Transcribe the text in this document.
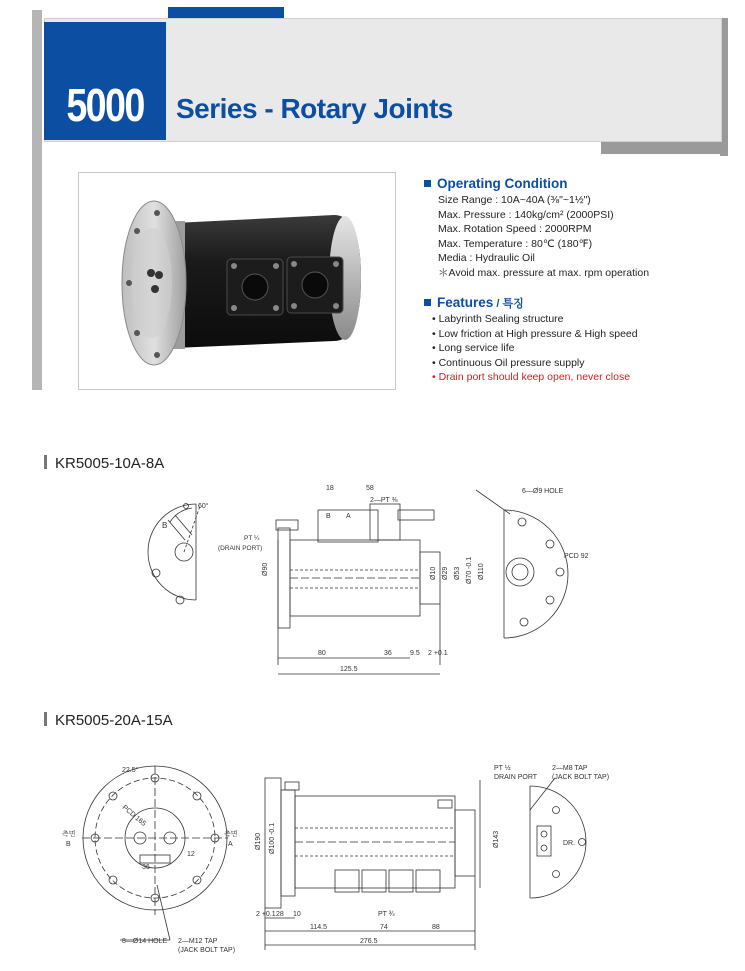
5000	Series - Rotary Joints
Operating Condition
Size Range : 10A~40A (⅜"~1½")
Max. Pressure : 140kg/cm² (2000PSI)
Max. Rotation Speed : 2000RPM
Max. Temperature : 80℃ (180℉)
Media : Hydraulic Oil
＊Avoid max. pressure at max. rpm operation
Features / 특징
• Labyrinth Sealing structure
• Low friction at High pressure & High speed
• Long service life
• Continuous Oil pressure supply
• Drain port should keep open, never close
KR5005-10A-8A
60°
B
18	58
2—PT ⅜
B A
PT ¼
(DRAIN PORT)
Ø90	Ø10 Ø29 Ø53 Ø70 -0.1 Ø110
80	36	9.5 2 +0.1
125.5
6—Ø9 HOLE
PCD 92
KR5005-20A-15A
22.5°
PCD 165
측면
B
측면
A
36
12
8—Ø14 HOLE 2—M12 TAP
(JACK BOLT TAP)
Ø190 Ø100 -0.1	Ø143
PT ½
DRAIN PORT
PT ¾
2 +0.1 28 10
114.5	74	88
276.5
2—M8 TAP
(JACK BOLT TAP)
DR.
